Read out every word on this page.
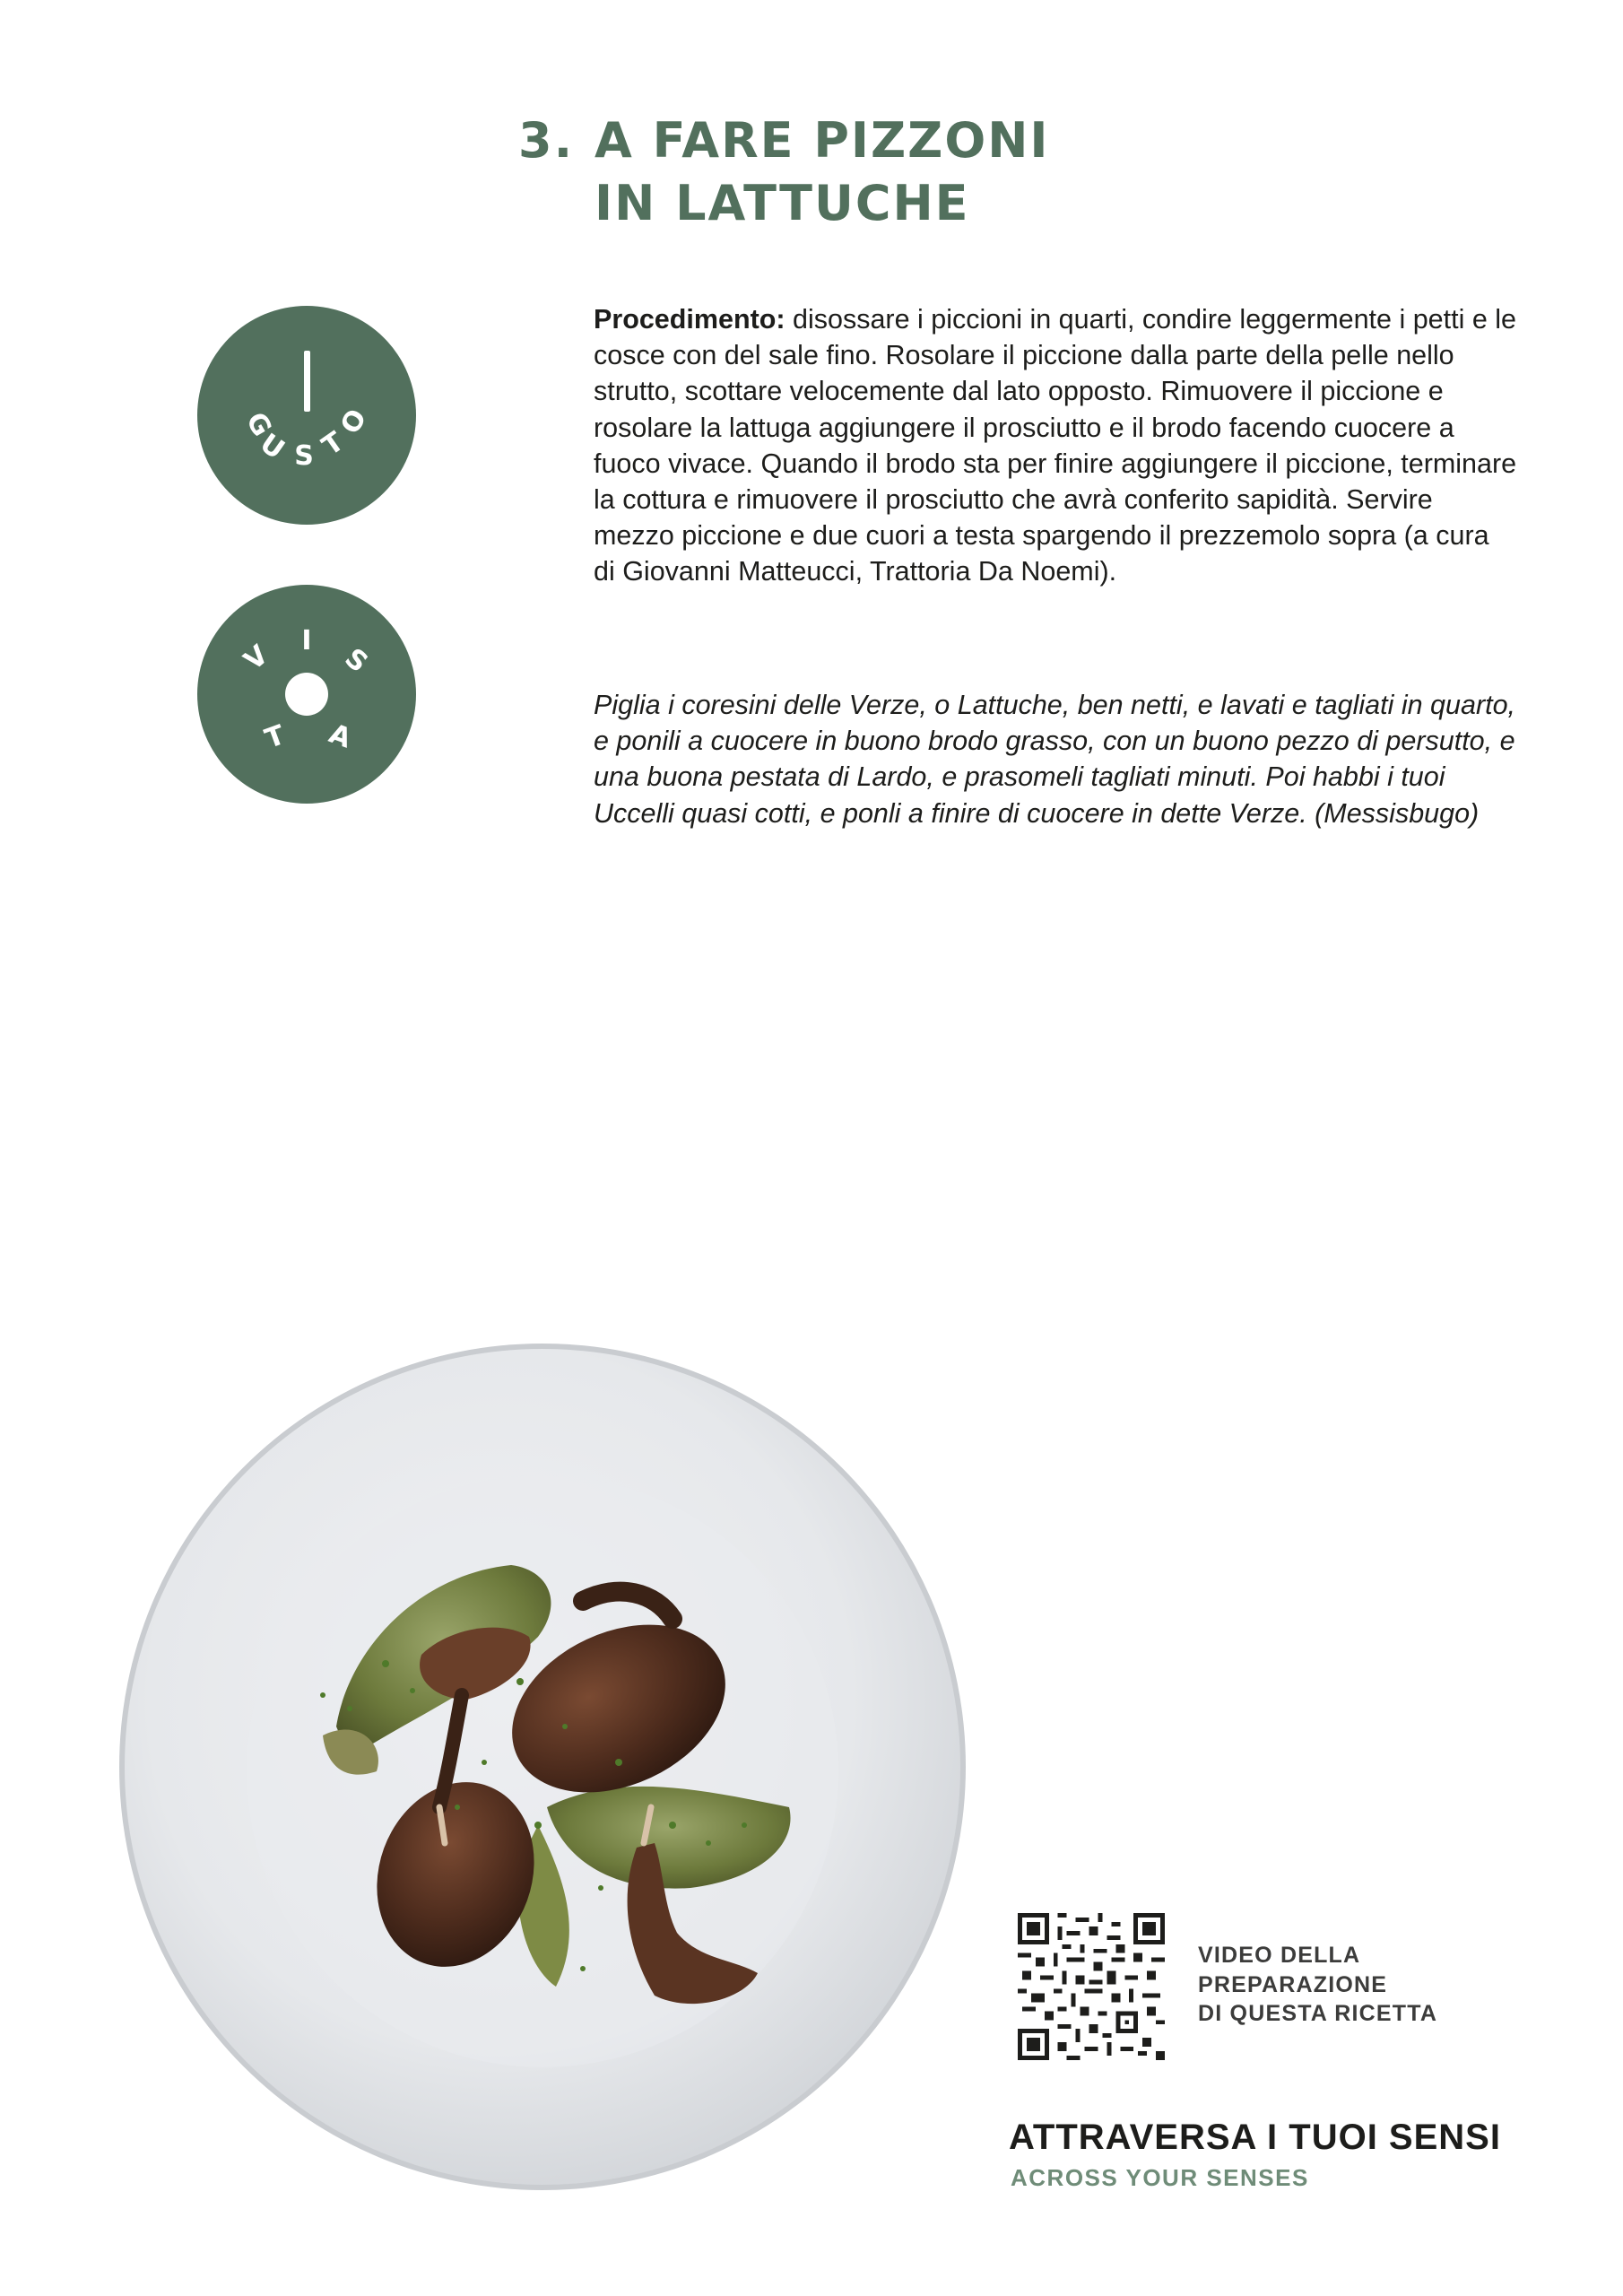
3. A FARE PIZZONI
IN LATTUCHE
G
U S T
O
V I
S
T A

Procedimento: disossare i piccioni in quarti, condire leggermente i petti e le cosce con del sale fino. Rosolare il piccione dalla parte della pelle nello strutto, scottare velocemente dal lato opposto. Rimuovere il piccione e rosolare la lattuga aggiungere il prosciutto e il brodo facendo cuocere a fuoco vivace. Quando il brodo sta per finire aggiungere il piccione, terminare la cottura e rimuovere il prosciutto che avrà conferito sapidità. Servire mezzo piccione e due cuori a testa spargendo il prezzemolo sopra (a cura di Giovanni Matteucci, Trattoria Da Noemi).

Piglia i coresini delle Verze, o Lattuche, ben netti, e lavati e tagliati in quarto, e ponili a cuocere in buono brodo grasso, con un buono pezzo di persutto, e una buona pestata di Lardo, e prasomeli tagliati minuti. Poi habbi i tuoi Uccelli quasi cotti, e ponli a finire di cuocere in dette Verze. (Messisbugo)

VIDEO DELLA
PREPARAZIONE
DI QUESTA RICETTA

ATTRAVERSA I TUOI SENSI

ACROSS YOUR SENSES
